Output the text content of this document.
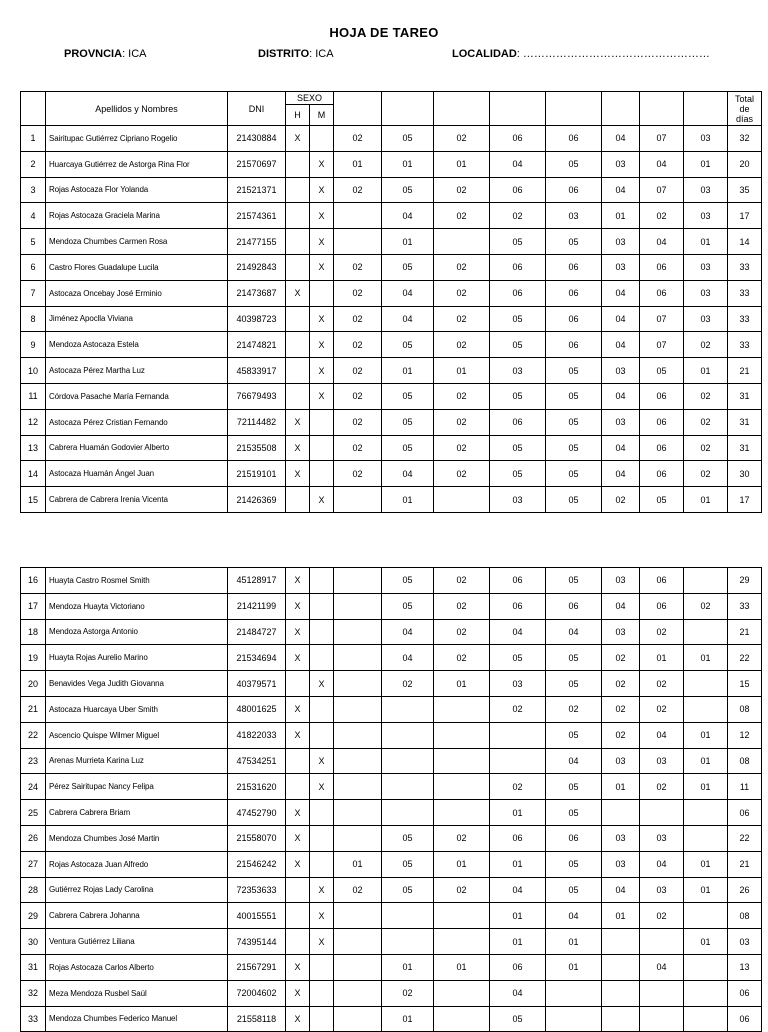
HOJA DE TAREO
PROVNCIA: ICA	DISTRITO: ICA	LOCALIDAD: ……………………………………………
	Apellidos y Nombres	DNI	SEXO										Total
de
días

			H	M									
1	Sairitupac Gutiérrez Cipriano Rogelio	21430884	X		02	05	02	06	06	04	07	03	32
2	Huarcaya Gutiérrez de Astorga Rina Flor	21570697		X	01	01	01	04	05	03	04	01	20
3	Rojas Astocaza Flor Yolanda	21521371		X	02	05	02	06	06	04	07	03	35
4	Rojas Astocaza Graciela Marina	21574361		X		04	02	02	03	01	02	03	17
5	Mendoza Chumbes Carmen Rosa	21477155		X		01		05	05	03	04	01	14
6	Castro Flores Guadalupe Lucila	21492843		X	02	05	02	06	06	03	06	03	33
7	Astocaza Oncebay José Erminio	21473687	X		02	04	02	06	06	04	06	03	33
8	Jiménez Apoclla Viviana	40398723		X	02	04	02	05	06	04	07	03	33
9	Mendoza Astocaza Estela	21474821		X	02	05	02	05	06	04	07	02	33
10	Astocaza Pérez Martha Luz	45833917		X	02	01	01	03	05	03	05	01	21
11	Córdova Pasache María Fernanda	76679493		X	02	05	02	05	05	04	06	02	31
12	Astocaza Pérez Cristian Fernando	72114482	X		02	05	02	06	05	03	06	02	31
13	Cabrera Huamán Godovier Alberto	21535508	X		02	05	02	05	05	04	06	02	31
14	Astocaza Huamán Ángel Juan	21519101	X		02	04	02	05	05	04	06	02	30
15	Cabrera de Cabrera Irenia Vicenta	21426369		X		01		03	05	02	05	01	17
16	Huayta Castro Rosmel Smith	45128917	X			05	02	06	05	03	06		29
17	Mendoza Huayta Victoriano	21421199	X			05	02	06	06	04	06	02	33
18	Mendoza Astorga Antonio	21484727	X			04	02	04	04	03	02		21
19	Huayta Rojas Aurelio Marino	21534694	X			04	02	05	05	02	01	01	22
20	Benavides Vega Judith Giovanna	40379571		X		02	01	03	05	02	02		15
21	Astocaza Huarcaya Uber Smith	48001625	X					02	02	02	02		08
22	Ascencio Quispe Wilmer Miguel	41822033	X						05	02	04	01	12
23	Arenas Murrieta Karina Luz	47534251		X					04	03	03	01	08
24	Pérez Sairitupac Nancy Felipa	21531620		X				02	05	01	02	01	11
25	Cabrera Cabrera Briam	47452790	X					01	05				06
26	Mendoza Chumbes José Martin	21558070	X			05	02	06	06	03	03		22
27	Rojas Astocaza Juan Alfredo	21546242	X		01	05	01	01	05	03	04	01	21
28	Gutiérrez Rojas Lady Carolina	72353633		X	02	05	02	04	05	04	03	01	26
29	Cabrera Cabrera Johanna	40015551		X				01	04	01	02		08
30	Ventura Gutiérrez Liliana	74395144		X				01	01			01	03
31	Rojas Astocaza Carlos Alberto	21567291	X			01	01	06	01		04		13
32	Meza Mendoza Rusbel Saúl	72004602	X			02		04					06
33	Mendoza Chumbes Federico Manuel	21558118	X			01		05					06
